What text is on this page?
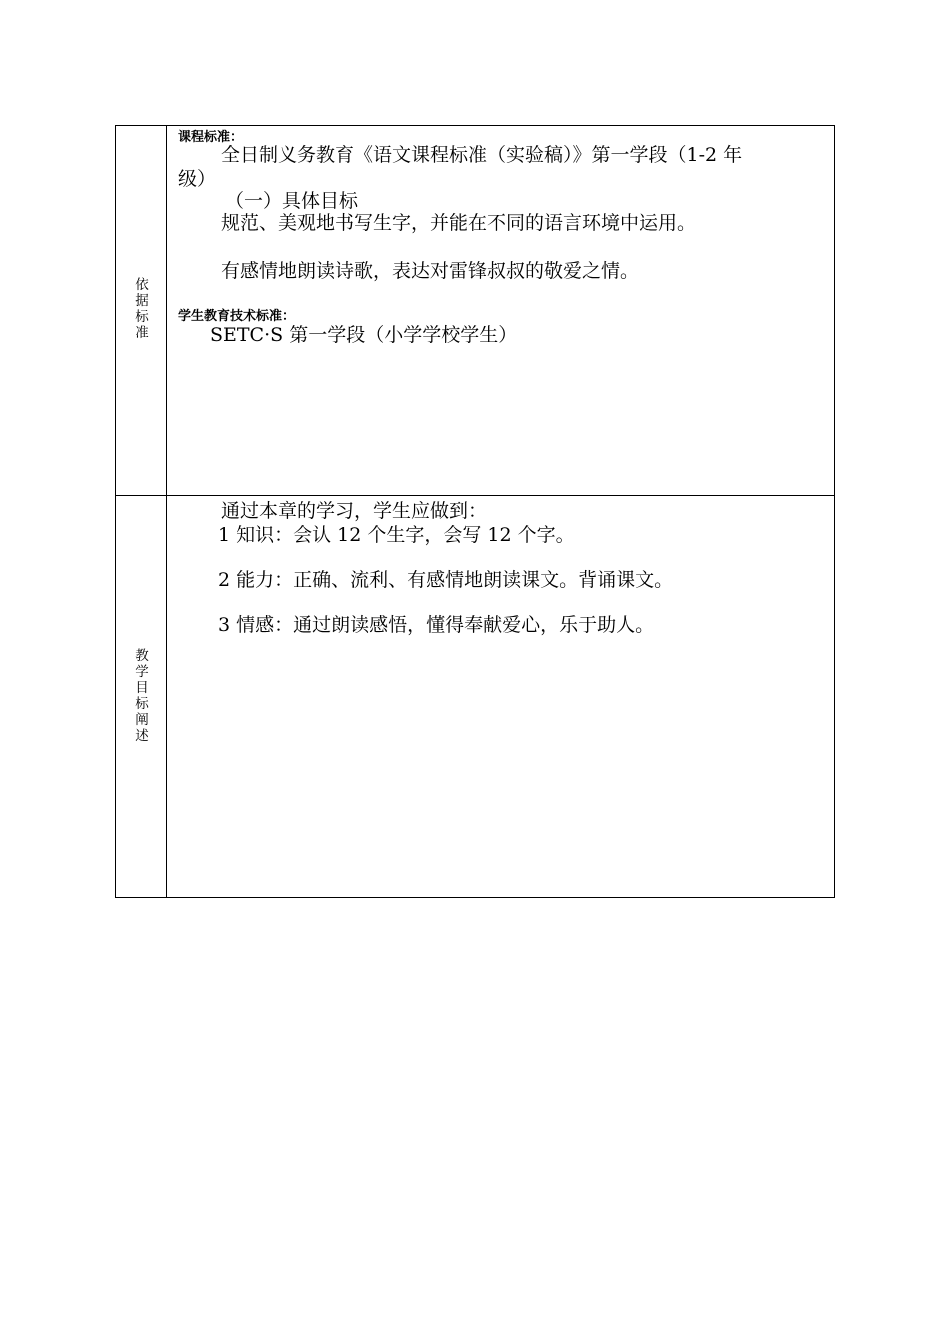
依据标准
课程标准：
全日制义务教育《语文课程标准（实验稿）》第一学段（1-2 年
级）
（一）具体目标
规范、美观地书写生字，并能在不同的语言环境中运用。
有感情地朗读诗歌，表达对雷锋叔叔的敬爱之情。
学生教育技术标准：
SETC·S 第一学段（小学学校学生）
教学目标阐述
通过本章的学习，学生应做到：
1 知识：会认 12 个生字，会写 12 个字。
2 能力：正确、流利、有感情地朗读课文。背诵课文。
3 情感：通过朗读感悟，懂得奉献爱心，乐于助人。
